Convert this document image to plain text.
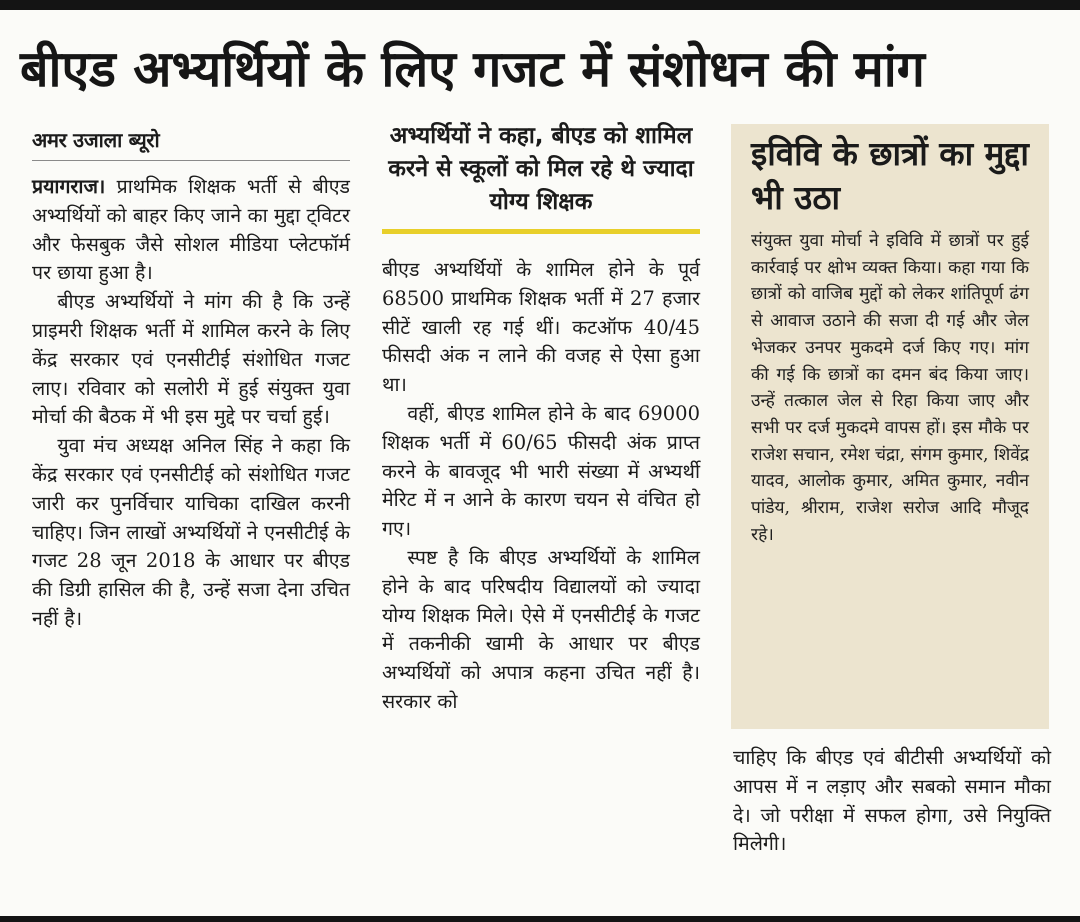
बीएड अभ्यर्थियों के लिए गजट में संशोधन की मांग
अमर उजाला ब्यूरो

प्रयागराज। प्राथमिक शिक्षक भर्ती से बीएड अभ्यर्थियों को बाहर किए जाने का मुद्दा ट्विटर और फेसबुक जैसे सोशल मीडिया प्लेटफॉर्म पर छाया हुआ है।

बीएड अभ्यर्थियों ने मांग की है कि उन्हें प्राइमरी शिक्षक भर्ती में शामिल करने के लिए केंद्र सरकार एवं एनसीटीई संशोधित गजट लाए। रविवार को सलोरी में हुई संयुक्त युवा मोर्चा की बैठक में भी इस मुद्दे पर चर्चा हुई।

युवा मंच अध्यक्ष अनिल सिंह ने कहा कि केंद्र सरकार एवं एनसीटीई को संशोधित गजट जारी कर पुनर्विचार याचिका दाखिल करनी चाहिए। जिन लाखों अभ्यर्थियों ने एनसीटीई के गजट 28 जून 2018 के आधार पर बीएड की डिग्री हासिल की है, उन्हें सजा देना उचित नहीं है।

अभ्यर्थियों ने कहा, बीएड को शामिल करने से स्कूलों को मिल रहे थे ज्यादा योग्य शिक्षक

बीएड अभ्यर्थियों के शामिल होने के पूर्व 68500 प्राथमिक शिक्षक भर्ती में 27 हजार सीटें खाली रह गई थीं। कटऑफ 40/45 फीसदी अंक न लाने की वजह से ऐसा हुआ था।

वहीं, बीएड शामिल होने के बाद 69000 शिक्षक भर्ती में 60/65 फीसदी अंक प्राप्त करने के बावजूद भी भारी संख्या में अभ्यर्थी मेरिट में न आने के कारण चयन से वंचित हो गए।

स्पष्ट है कि बीएड अभ्यर्थियों के शामिल होने के बाद परिषदीय विद्यालयों को ज्यादा योग्य शिक्षक मिले। ऐसे में एनसीटीई के गजट में तकनीकी खामी के आधार पर बीएड अभ्यर्थियों को अपात्र कहना उचित नहीं है। सरकार को

इविवि के छात्रों का मुद्दा भी उठा

संयुक्त युवा मोर्चा ने इविवि में छात्रों पर हुई कार्रवाई पर क्षोभ व्यक्त किया। कहा गया कि छात्रों को वाजिब मुद्दों को लेकर शांतिपूर्ण ढंग से आवाज उठाने की सजा दी गई और जेल भेजकर उनपर मुकदमे दर्ज किए गए। मांग की गई कि छात्रों का दमन बंद किया जाए। उन्हें तत्काल जेल से रिहा किया जाए और सभी पर दर्ज मुकदमे वापस हों। इस मौके पर राजेश सचान, रमेश चंद्रा, संगम कुमार, शिवेंद्र यादव, आलोक कुमार, अमित कुमार, नवीन पांडेय, श्रीराम, राजेश सरोज आदि मौजूद रहे।

चाहिए कि बीएड एवं बीटीसी अभ्यर्थियों को आपस में न लड़ाए और सबको समान मौका दे। जो परीक्षा में सफल होगा, उसे नियुक्ति मिलेगी।
